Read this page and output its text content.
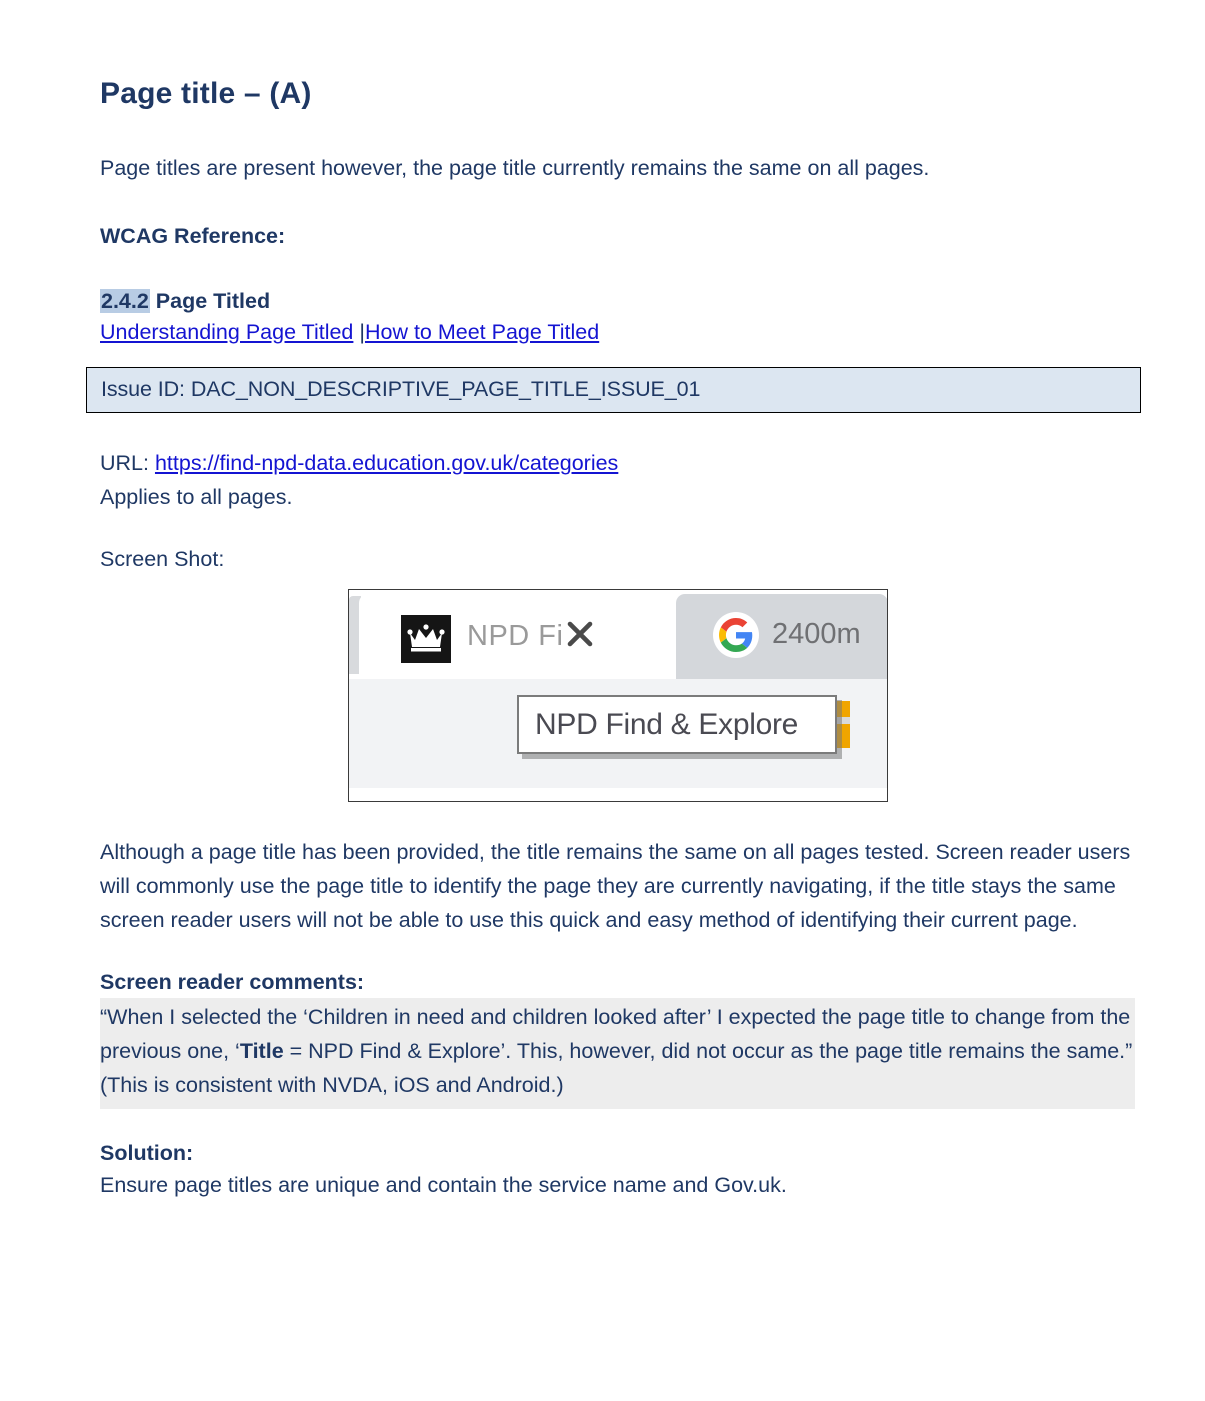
Page title – (A)

Page titles are present however, the page title currently remains the same on all pages.

WCAG Reference:

2.4.2 Page Titled
Understanding Page Titled |How to Meet Page Titled
Issue ID: DAC_NON_DESCRIPTIVE_PAGE_TITLE_ISSUE_01

URL: https://find-npd-data.education.gov.uk/categories

Applies to all pages.

Screen Shot:

NPD Fi	2400m
NPD Find & Explore

Although a page title has been provided, the title remains the same on all pages tested. Screen reader users will commonly use the page title to identify the page they are currently navigating, if the title stays the same screen reader users will not be able to use this quick and easy method of identifying their current page.

Screen reader comments:

“When I selected the ‘Children in need and children looked after’ I expected the page title to change from the previous one, ‘Title = NPD Find & Explore’. This, however, did not occur as the page title remains the same.” (This is consistent with NVDA, iOS and Android.)

Solution:

Ensure page titles are unique and contain the service name and Gov.uk.
